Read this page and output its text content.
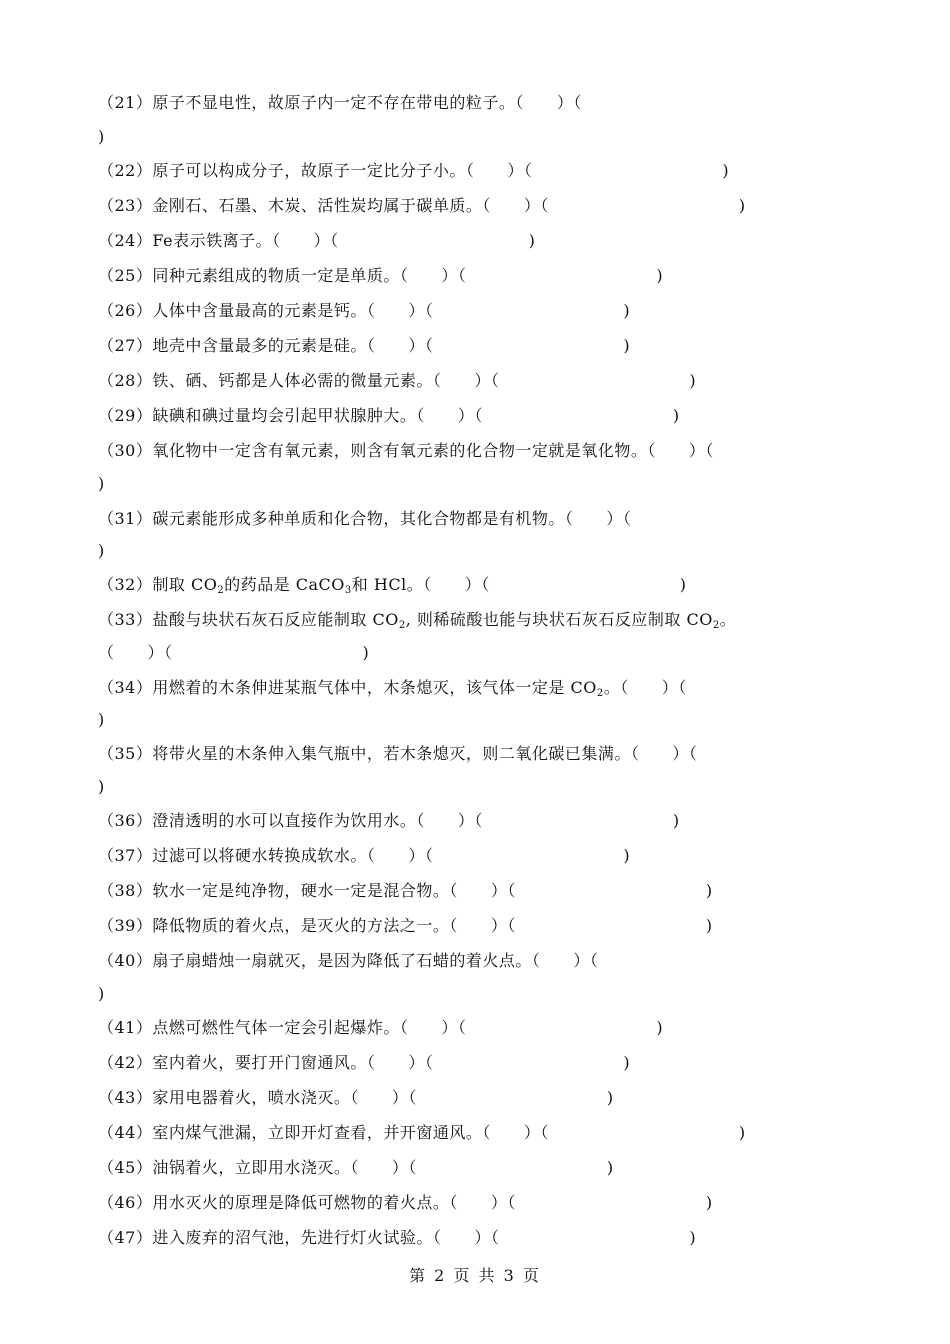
（21）原子不显电性，故原子内一定不存在带电的粒子。（　　）（
)
（22）原子可以构成分子，故原子一定比分子小。（　　）（	)
（23）金刚石、石墨、木炭、活性炭均属于碳单质。（　　）（	)
（24）Fe表示铁离子。（　　）（	)
（25）同种元素组成的物质一定是单质。（　　）（	)
（26）人体中含量最高的元素是钙。（　　）（	)
（27）地壳中含量最多的元素是硅。（　　）（	)
（28）铁、硒、钙都是人体必需的微量元素。（　　）（	)
（29）缺碘和碘过量均会引起甲状腺肿大。（　　）（	)
（30）氧化物中一定含有氧元素，则含有氧元素的化合物一定就是氧化物。（　　）（
)
（31）碳元素能形成多种单质和化合物，其化合物都是有机物。（　　）（
)
（32）制取 $CO_2$的药品是 CaCO$_3$和 HCl。（　　）（	)
（33）盐酸与块状石灰石反应能制取 $CO_2$, 则稀硫酸也能与块状石灰石反应制取 $CO_2$。
（　　）（	)
（34）用燃着的木条伸进某瓶气体中，木条熄灭，该气体一定是 $CO_2$。（　　）（
)
（35）将带火星的木条伸入集气瓶中，若木条熄灭，则二氧化碳已集满。（　　）（
)
（36）澄清透明的水可以直接作为饮用水。（　　）（	)
（37）过滤可以将硬水转换成软水。（　　）（	)
（38）软水一定是纯净物，硬水一定是混合物。（　　）（	)
（39）降低物质的着火点，是灭火的方法之一。（　　）（	)
（40）扇子扇蜡烛一扇就灭，是因为降低了石蜡的着火点。（　　）（
)
（41）点燃可燃性气体一定会引起爆炸。（　　）（	)
（42）室内着火，要打开门窗通风。（　　）（	)
（43）家用电器着火，喷水浇灭。（　　）（	)
（44）室内煤气泄漏，立即开灯查看，并开窗通风。（　　）（	)
（45）油锅着火，立即用水浇灭。（　　）（	)
（46）用水灭火的原理是降低可燃物的着火点。（　　）（	)
（47）进入废弃的沼气池，先进行灯火试验。（　　）（	)
第 2 页 共 3 页
